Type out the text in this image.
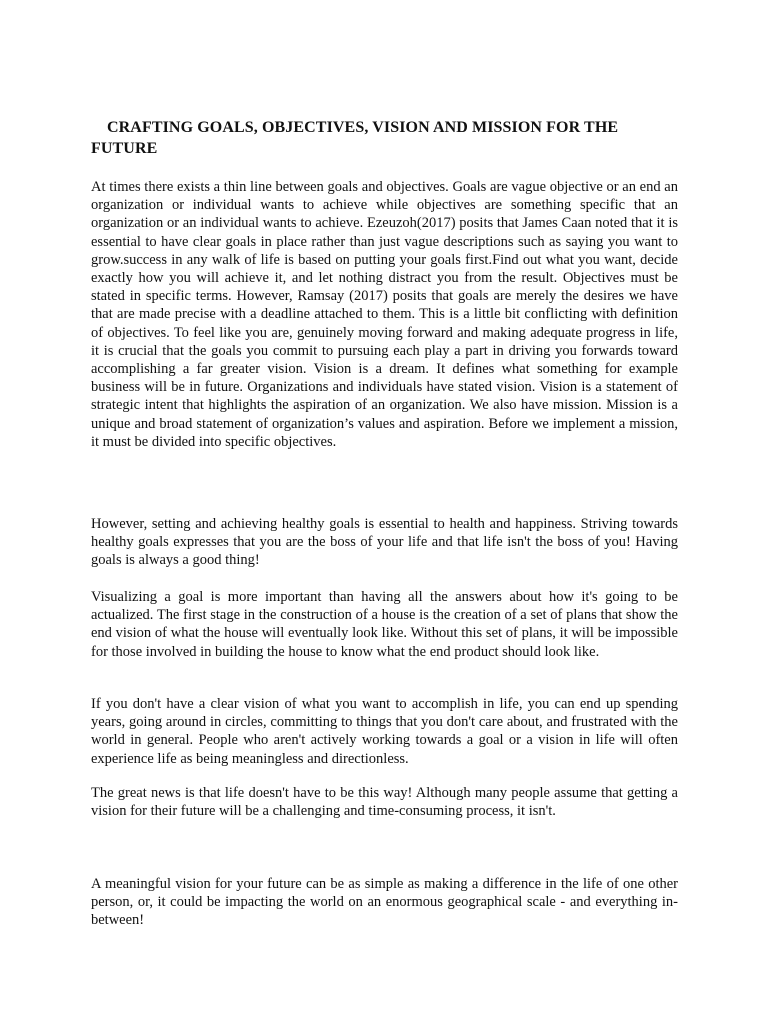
CRAFTING GOALS, OBJECTIVES, VISION AND MISSION FOR THE FUTURE

At times there exists a thin line between goals and objectives. Goals are vague objective or an end an organization or individual wants to achieve while objectives are something specific that an organization or an individual wants to achieve. Ezeuzoh(2017) posits that James Caan noted that it is essential to have clear goals in place rather than just vague descriptions such as saying you want to grow.success in any walk of life is based on putting your goals first.Find out what you want, decide exactly how you will achieve it, and let nothing distract you from the result. Objectives must be stated in specific terms. However, Ramsay (2017) posits that goals are merely the desires we have that are made precise with a deadline attached to them. This is a little bit conflicting with definition of objectives. To feel like you are, genuinely moving forward and making adequate progress in life, it is crucial that the goals you commit to pursuing each play a part in driving you forwards toward accomplishing a far greater vision. Vision is a dream. It defines what something for example business will be in future. Organizations and individuals have stated vision. Vision is a statement of strategic intent that highlights the aspiration of an organization. We also have mission. Mission is a unique and broad statement of organization’s values and aspiration. Before we implement a mission, it must be divided into specific objectives.

However, setting and achieving healthy goals is essential to health and happiness. Striving towards healthy goals expresses that you are the boss of your life and that life isn't the boss of you! Having goals is always a good thing!

Visualizing a goal is more important than having all the answers about how it's going to be actualized. The first stage in the construction of a house is the creation of a set of plans that show the end vision of what the house will eventually look like. Without this set of plans, it will be impossible for those involved in building the house to know what the end product should look like.

If you don't have a clear vision of what you want to accomplish in life, you can end up spending years, going around in circles, committing to things that you don't care about, and frustrated with the world in general. People who aren't actively working towards a goal or a vision in life will often experience life as being meaningless and directionless.

The great news is that life doesn't have to be this way! Although many people assume that getting a vision for their future will be a challenging and time-consuming process, it isn't.

A meaningful vision for your future can be as simple as making a difference in the life of one other person, or, it could be impacting the world on an enormous geographical scale - and everything in-between!
